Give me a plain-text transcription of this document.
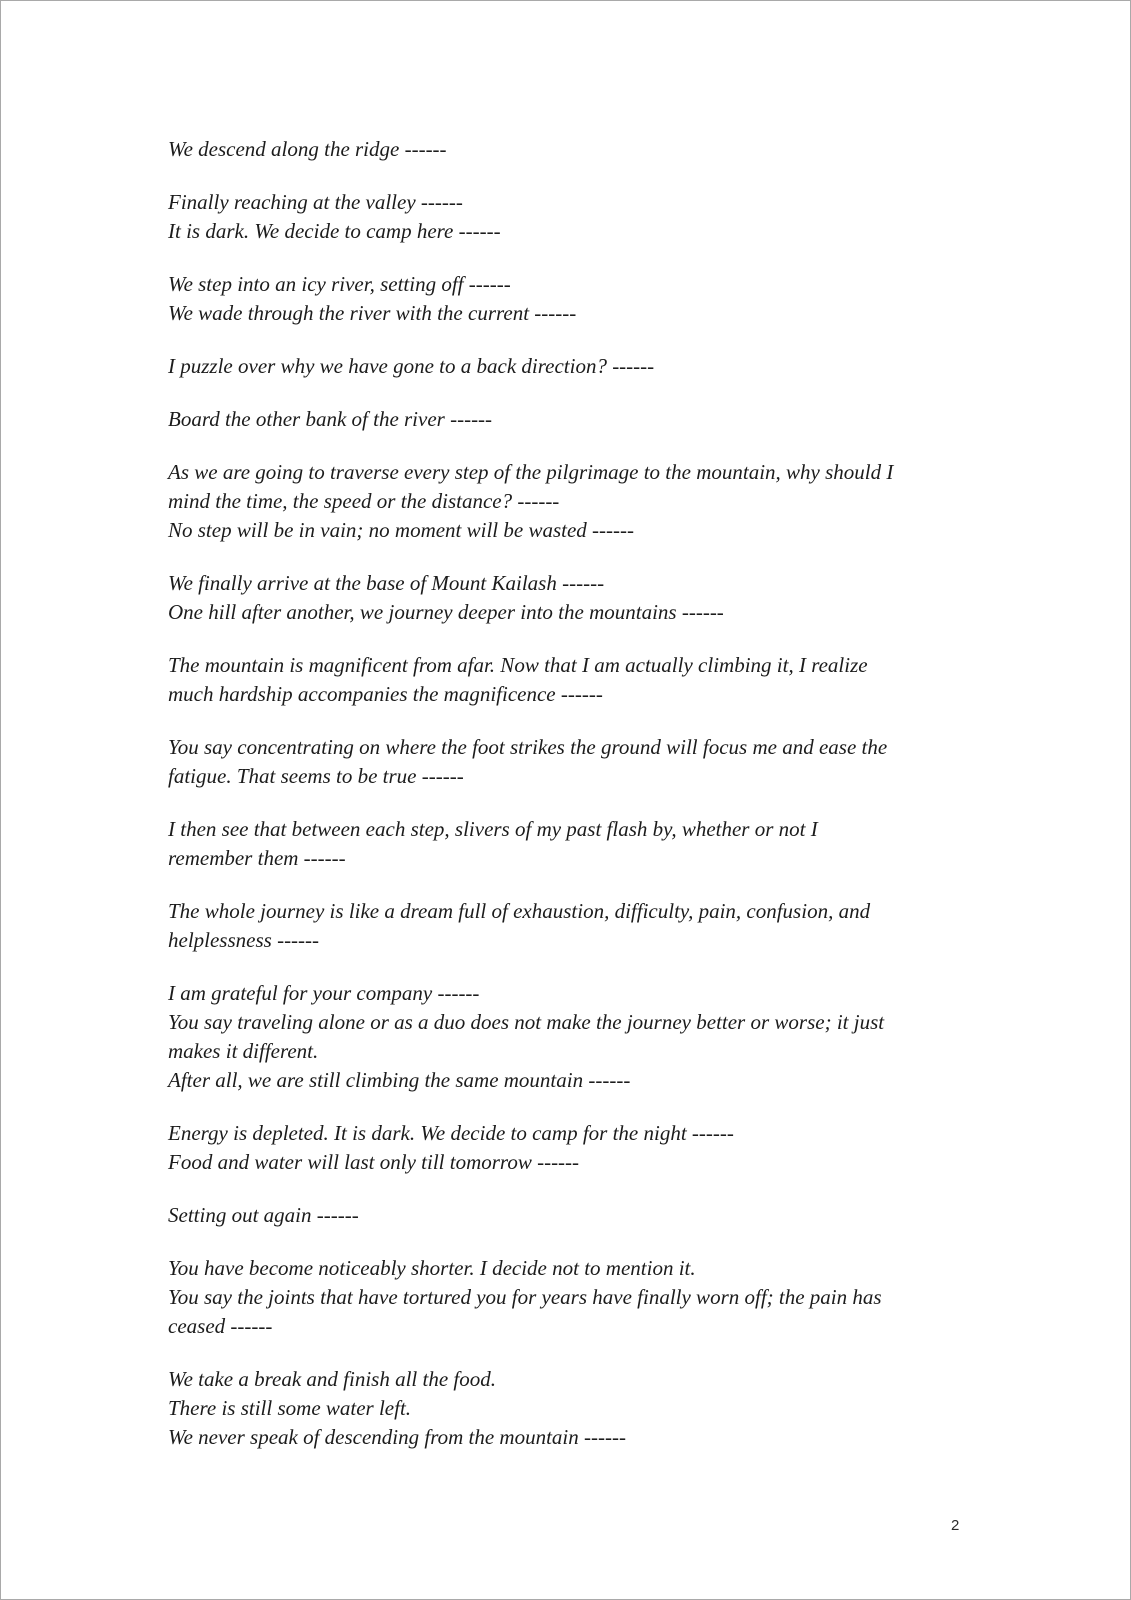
We descend along the ridge ------
Finally reaching at the valley ------
It is dark. We decide to camp here ------
We step into an icy river, setting off ------
We wade through the river with the current ------
I puzzle over why we have gone to a back direction? ------
Board the other bank of the river ------
As we are going to traverse every step of the pilgrimage to the mountain, why should I
mind the time, the speed or the distance? ------
No step will be in vain; no moment will be wasted ------
We finally arrive at the base of Mount Kailash ------
One hill after another, we journey deeper into the mountains ------
The mountain is magnificent from afar. Now that I am actually climbing it, I realize
much hardship accompanies the magnificence ------
You say concentrating on where the foot strikes the ground will focus me and ease the
fatigue. That seems to be true ------
I then see that between each step, slivers of my past flash by, whether or not I
remember them ------
The whole journey is like a dream full of exhaustion, difficulty, pain, confusion, and
helplessness ------
I am grateful for your company ------
You say traveling alone or as a duo does not make the journey better or worse; it just
makes it different.
After all, we are still climbing the same mountain ------
Energy is depleted. It is dark. We decide to camp for the night ------
Food and water will last only till tomorrow ------
Setting out again ------
You have become noticeably shorter. I decide not to mention it.
You say the joints that have tortured you for years have finally worn off; the pain has
ceased ------
We take a break and finish all the food.
There is still some water left.
We never speak of descending from the mountain ------
2
